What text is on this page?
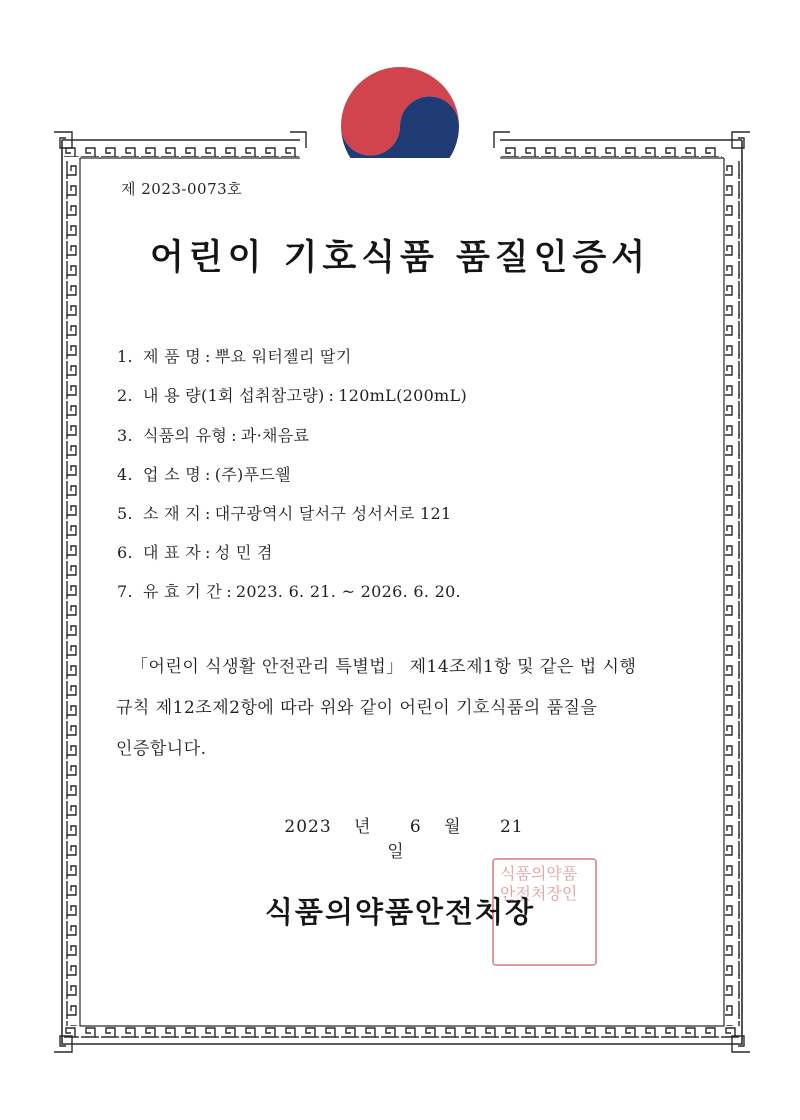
제 2023-0073호
어린이 기호식품 품질인증서
1. 제 품 명 : 뿌요 워터젤리 딸기
2. 내 용 량(1회 섭취참고량) : 120mL(200mL)
3. 식품의 유형 : 과·채음료
4. 업 소 명 : (주)푸드웰
5. 소 재 지 : 대구광역시 달서구 성서서로 121
6. 대 표 자 : 성 민 겸
7. 유 효 기 간 : 2023. 6. 21. ~ 2026. 6. 20.
「어린이 식생활 안전관리 특별법」 제14조제1항 및 같은 법 시행
규칙 제12조제2항에 따라 위와 같이 어린이 기호식품의 품질을
인증합니다.
2023 년 6 월 21 일
식품의약품안전처장인
식품의약품안전처장
